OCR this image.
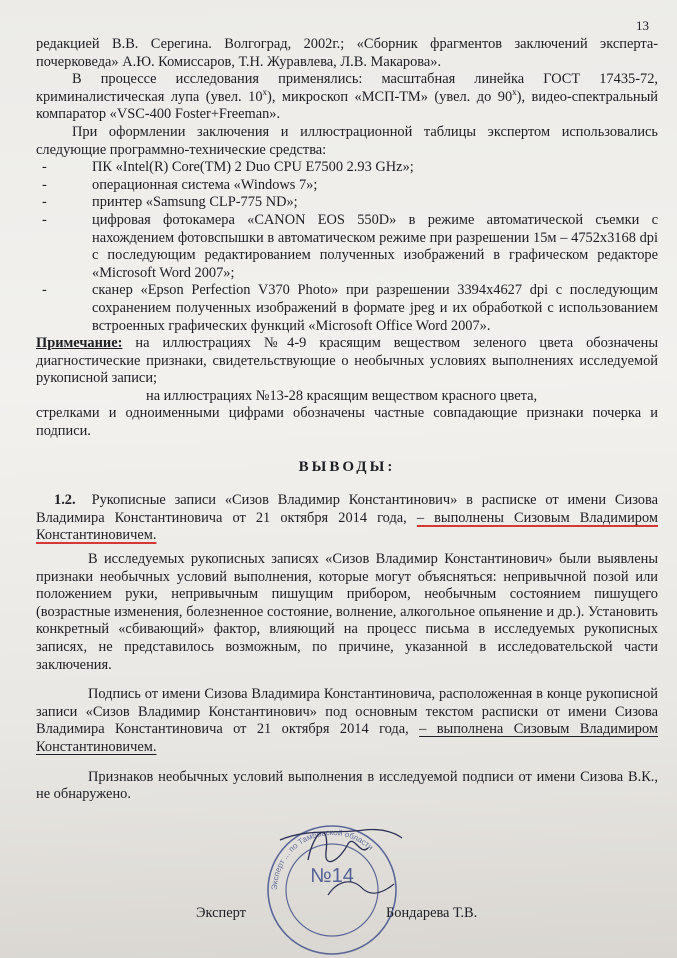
13

редакцией В.В. Серегина. Волгоград, 2002г.; «Сборник фрагментов заключений эксперта-почерковеда» А.Ю. Комиссаров, Т.Н. Журавлева, Л.В. Макарова».

В процессе исследования применялись: масштабная линейка ГОСТ 17435-72, криминалистическая лупа (увел. $10^х$), микроскоп «МСП-ТМ» (увел. до $90^х$), видео-спектральный компаратор «VSC-400 Foster+Freeman».

При оформлении заключения и иллюстрационной таблицы экспертом использовались следующие программно-технические средства:

- ПК «Intel(R) Core(TM) 2 Duo CPU E7500 2.93 GHz»;
- операционная система «Windows 7»;
- принтер «Samsung CLP-775 ND»;
- цифровая фотокамера «CANON EOS 550D» в режиме автоматической съемки с нахождением фотовспышки в автоматическом режиме при разрешении 15м – 4752х3168 dpi с последующим редактированием полученных изображений в графическом редакторе «Microsoft Word 2007»;
- сканер «Epson Perfection V370 Photo» при разрешении 3394х4627 dpi с последующим сохранением полученных изображений в формате jpeg и их обработкой с использованием встроенных графических функций «Microsoft Office Word 2007».

Примечание: на иллюстрациях №4-9 красящим веществом зеленого цвета обозначены диагностические признаки, свидетельствующие о необычных условиях выполнениях исследуемой рукописной записи;

на иллюстрациях №13-28 красящим веществом красного цвета,

стрелками и одноименными цифрами обозначены частные совпадающие признаки почерка и подписи.

ВЫВОДЫ:

1.2. Рукописные записи «Сизов Владимир Константинович» в расписке от имени Сизова Владимира Константиновича от 21 октября 2014 года, – выполнены Сизовым Владимиром Константиновичем.

В исследуемых рукописных записях «Сизов Владимир Константинович» были выявлены признаки необычных условий выполнения, которые могут объясняться: непривычной позой или положением руки, непривычным пишущим прибором, необычным состоянием пишущего (возрастные изменения, болезненное состояние, волнение, алкогольное опьянение и др.). Установить конкретный «сбивающий» фактор, влияющий на процесс письма в исследуемых рукописных записях, не представилось возможным, по причине, указанной в исследовательской части заключения.

Подпись от имени Сизова Владимира Константиновича, расположенная в конце рукописной записи «Сизов Владимир Константинович» под основным текстом расписки от имени Сизова Владимира Константиновича от 21 октября 2014 года, – выполнена Сизовым Владимиром Константиновичем.

Признаков необычных условий выполнения в исследуемой подписи от имени Сизова В.К., не обнаружено.

Эксперт ... по Тамбовской области
№14
Эксперт	Бондарева Т.В.
